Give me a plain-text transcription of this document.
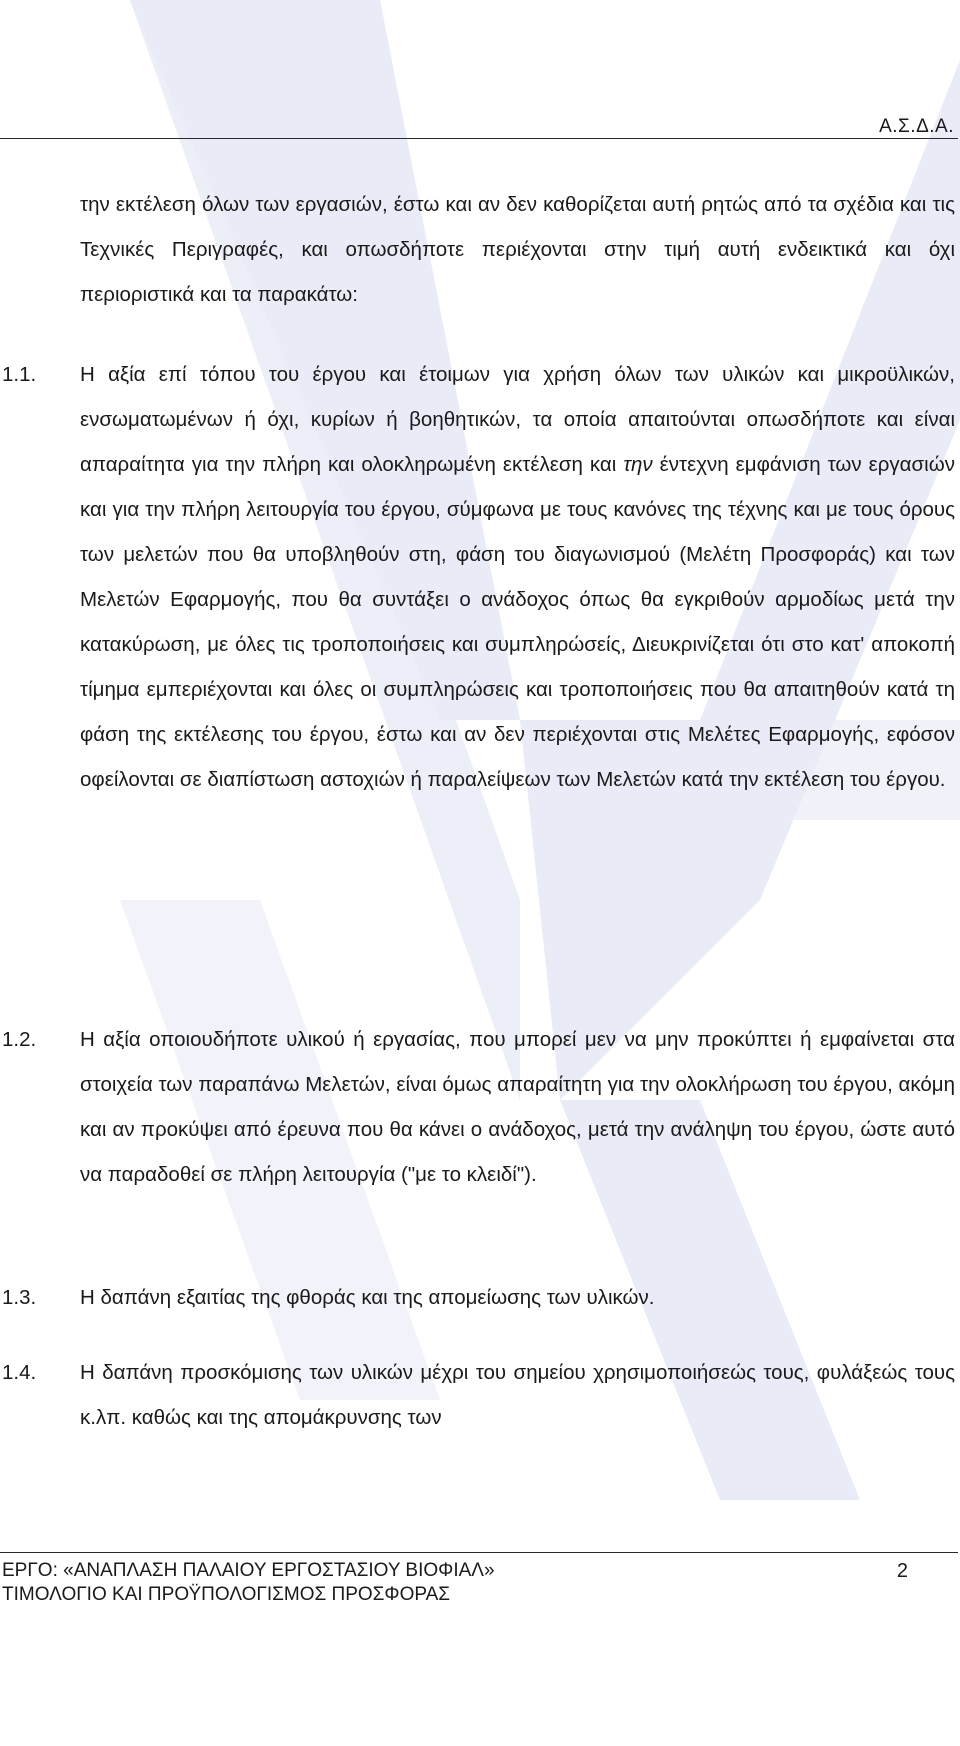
Α.Σ.Δ.Α.

την εκτέλεση όλων των εργασιών, έστω και αν δεν καθορίζεται αυτή ρητώς από τα σχέδια και τις Τεχνικές Περιγραφές, και οπωσδήποτε περιέχονται στην τιμή αυτή ενδεικτικά και όχι περιοριστικά και τα παρακάτω:

1.1. Η αξία επί τόπου του έργου και έτοιμων για χρήση όλων των υλικών και μικροϋλικών, ενσωματωμένων ή όχι, κυρίων ή βοηθητικών, τα οποία απαιτούνται οπωσδήποτε και είναι απαραίτητα για την πλήρη και ολοκληρωμένη εκτέλεση και την έντεχνη εμφάνιση των εργασιών και για την πλήρη λειτουργία του έργου, σύμφωνα με τους κανόνες της τέχνης και με τους όρους των μελετών που θα υποβληθούν στη, φάση του διαγωνισμού (Μελέτη Προσφοράς) και των Μελετών Εφαρμογής, που θα συντάξει ο ανάδοχος όπως θα εγκριθούν αρμοδίως μετά την κατακύρωση, με όλες τις τροποποιήσεις και συμπληρώσείς, Διευκρινίζεται ότι στο κατ' αποκοπή τίμημα εμπεριέχονται και όλες οι συμπληρώσεις και τροποποιήσεις που θα απαιτηθούν κατά τη φάση της εκτέλεσης του έργου, έστω και αν δεν περιέχονται στις Μελέτες Εφαρμογής, εφόσον οφείλονται σε διαπίστωση αστοχιών ή παραλείψεων των Μελετών κατά την εκτέλεση του έργου.

1.2. Η αξία οποιουδήποτε υλικού ή εργασίας, που μπορεί μεν να μην προκύπτει ή εμφαίνεται στα στοιχεία των παραπάνω Μελετών, είναι όμως απαραίτητη για την ολοκλήρωση του έργου, ακόμη και αν προκύψει από έρευνα που θα κάνει ο ανάδοχος, μετά την ανάληψη του έργου, ώστε αυτό να παραδοθεί σε πλήρη λειτουργία ("με το κλειδί").

1.3. Η δαπάνη εξαιτίας της φθοράς και της απομείωσης των υλικών.

1.4. Η δαπάνη προσκόμισης των υλικών μέχρι του σημείου χρησιμοποιήσεώς τους, φυλάξεώς τους κ.λπ. καθώς και της απομάκρυνσης των

ΕΡΓΟ: «ΑΝΑΠΛΑΣΗ ΠΑΛΑΙΟΥ ΕΡΓΟΣΤΑΣΙΟΥ ΒΙΟΦΙΑΛ»
ΤΙΜΟΛΟΓΙΟ ΚΑΙ ΠΡΟΫΠΟΛΟΓΙΣΜΟΣ ΠΡΟΣΦΟΡΑΣ
2
